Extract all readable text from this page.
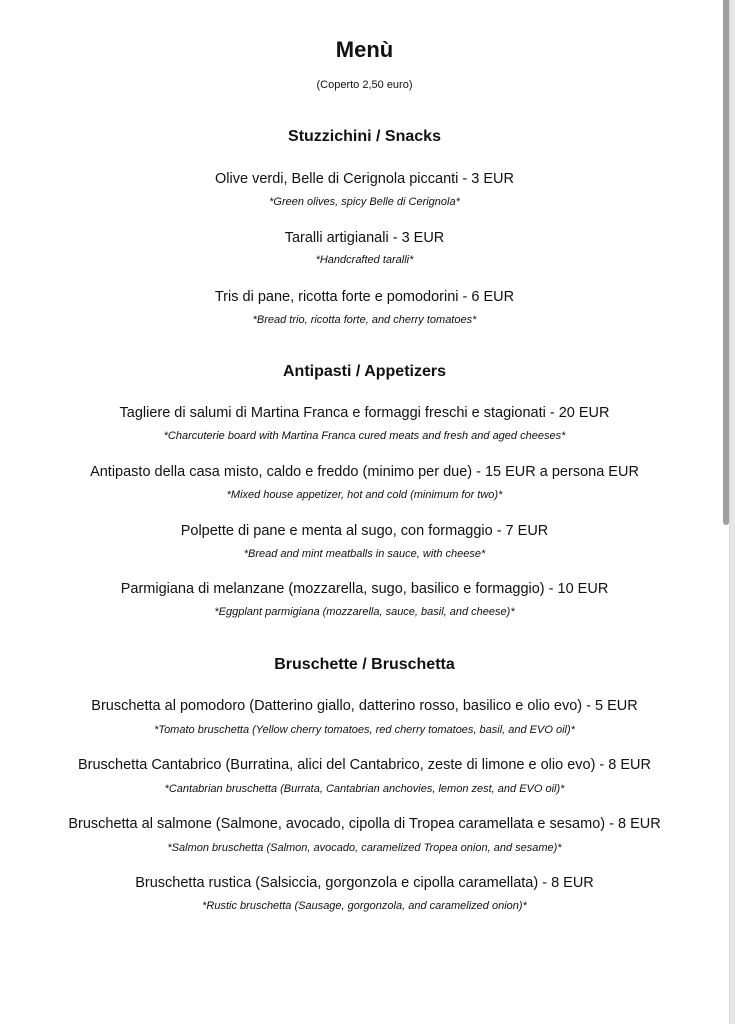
Menù
(Coperto 2,50 euro)
Stuzzichini / Snacks
Olive verdi, Belle di Cerignola piccanti - 3 EUR
*Green olives, spicy Belle di Cerignola*
Taralli artigianali - 3 EUR
*Handcrafted taralli*
Tris di pane, ricotta forte e pomodorini - 6 EUR
*Bread trio, ricotta forte, and cherry tomatoes*
Antipasti / Appetizers
Tagliere di salumi di Martina Franca e formaggi freschi e stagionati - 20 EUR
*Charcuterie board with Martina Franca cured meats and fresh and aged cheeses*
Antipasto della casa misto, caldo e freddo (minimo per due) - 15 EUR a persona EUR
*Mixed house appetizer, hot and cold (minimum for two)*
Polpette di pane e menta al sugo, con formaggio - 7 EUR
*Bread and mint meatballs in sauce, with cheese*
Parmigiana di melanzane (mozzarella, sugo, basilico e formaggio) - 10 EUR
*Eggplant parmigiana (mozzarella, sauce, basil, and cheese)*
Bruschette / Bruschetta
Bruschetta al pomodoro (Datterino giallo, datterino rosso, basilico e olio evo) - 5 EUR
*Tomato bruschetta (Yellow cherry tomatoes, red cherry tomatoes, basil, and EVO oil)*
Bruschetta Cantabrico (Burratina, alici del Cantabrico, zeste di limone e olio evo) - 8 EUR
*Cantabrian bruschetta (Burrata, Cantabrian anchovies, lemon zest, and EVO oil)*
Bruschetta al salmone (Salmone, avocado, cipolla di Tropea caramellata e sesamo) - 8 EUR
*Salmon bruschetta (Salmon, avocado, caramelized Tropea onion, and sesame)*
Bruschetta rustica (Salsiccia, gorgonzola e cipolla caramellata) - 8 EUR
*Rustic bruschetta (Sausage, gorgonzola, and caramelized onion)*
